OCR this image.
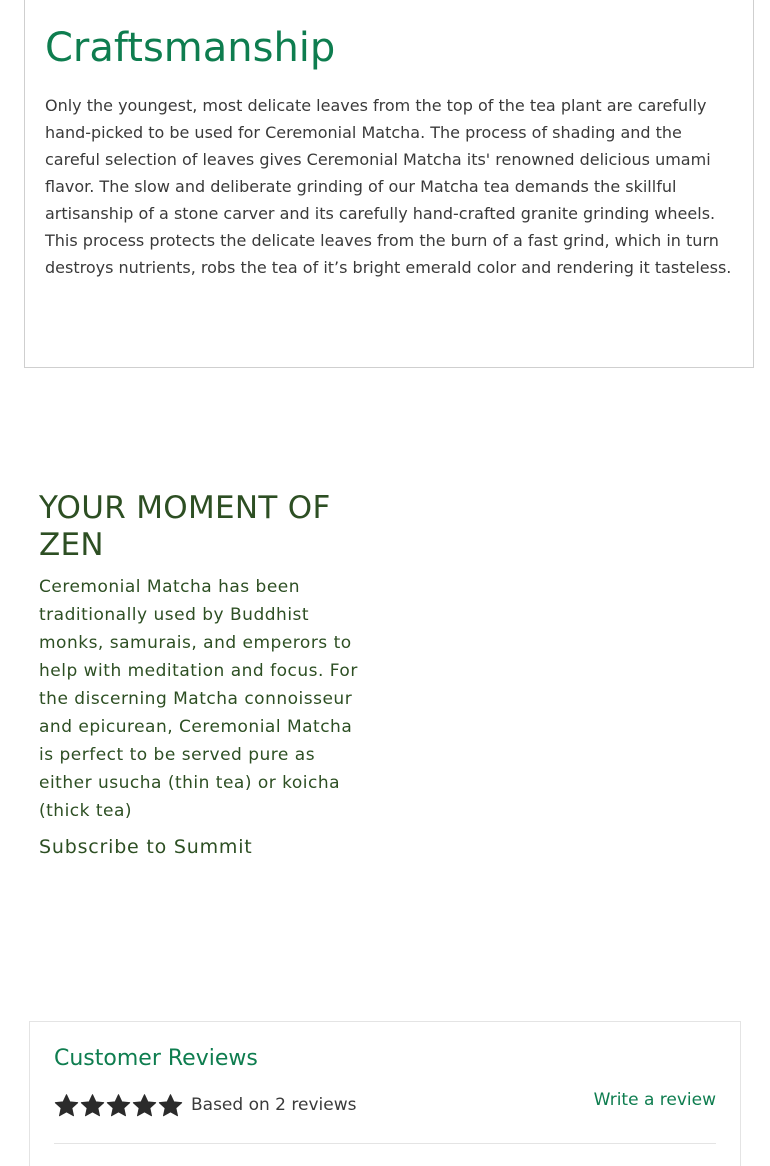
Craftsmanship

Only the youngest, most delicate leaves from the top of the tea plant are carefully hand-picked to be used for Ceremonial Matcha. The process of shading and the careful selection of leaves gives Ceremonial Matcha its' renowned delicious umami flavor. The slow and deliberate grinding of our Matcha tea demands the skillful artisanship of a stone carver and its carefully hand-crafted granite grinding wheels. This process protects the delicate leaves from the burn of a fast grind, which in turn destroys nutrients, robs the tea of it’s bright emerald color and rendering it tasteless.

YOUR MOMENT OF ZEN

Ceremonial Matcha has been traditionally used by Buddhist monks, samurais, and emperors to help with meditation and focus. For the discerning Matcha connoisseur and epicurean, Ceremonial Matcha is perfect to be served pure as either usucha (thin tea) or koicha (thick tea)

Subscribe to Summit
Customer Reviews
Based on 2 reviews	Write a review
